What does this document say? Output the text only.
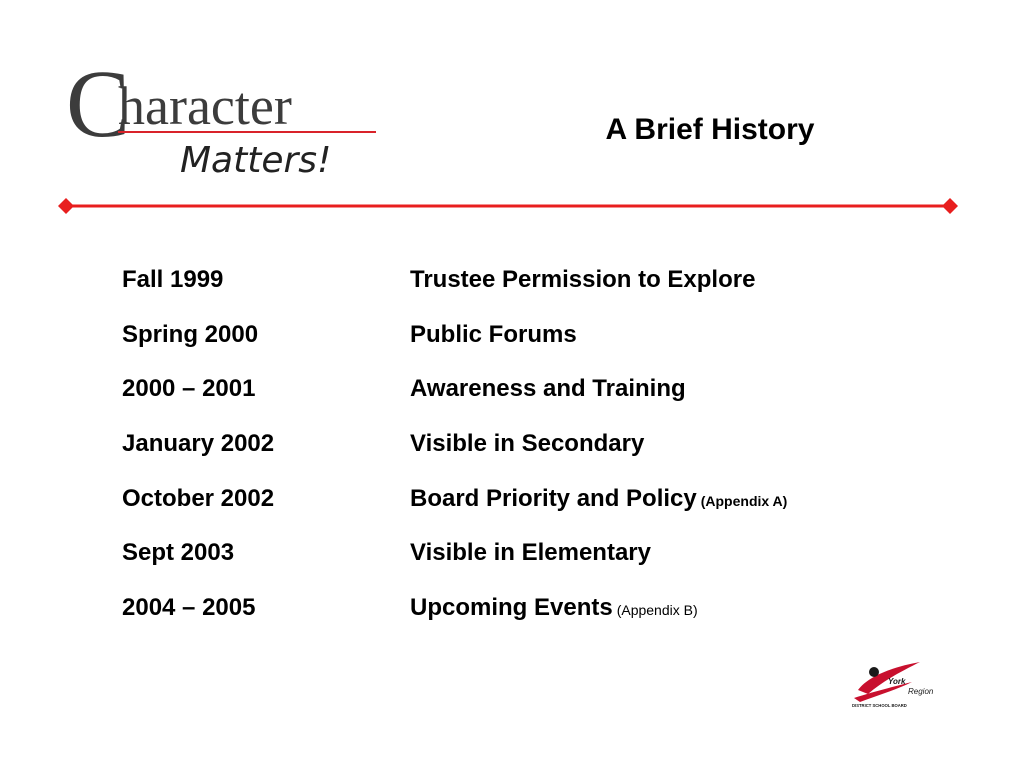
C
haracter
Matters!
A Brief History
Fall 1999	Trustee Permission to Explore
Spring 2000	Public Forums
2000 – 2001	Awareness and Training
January 2002	Visible in Secondary
October 2002	Board Priority and Policy (Appendix A)
Sept 2003	Visible in Elementary
2004 – 2005	Upcoming Events (Appendix B)
York
Region
DISTRICT SCHOOL BOARD
